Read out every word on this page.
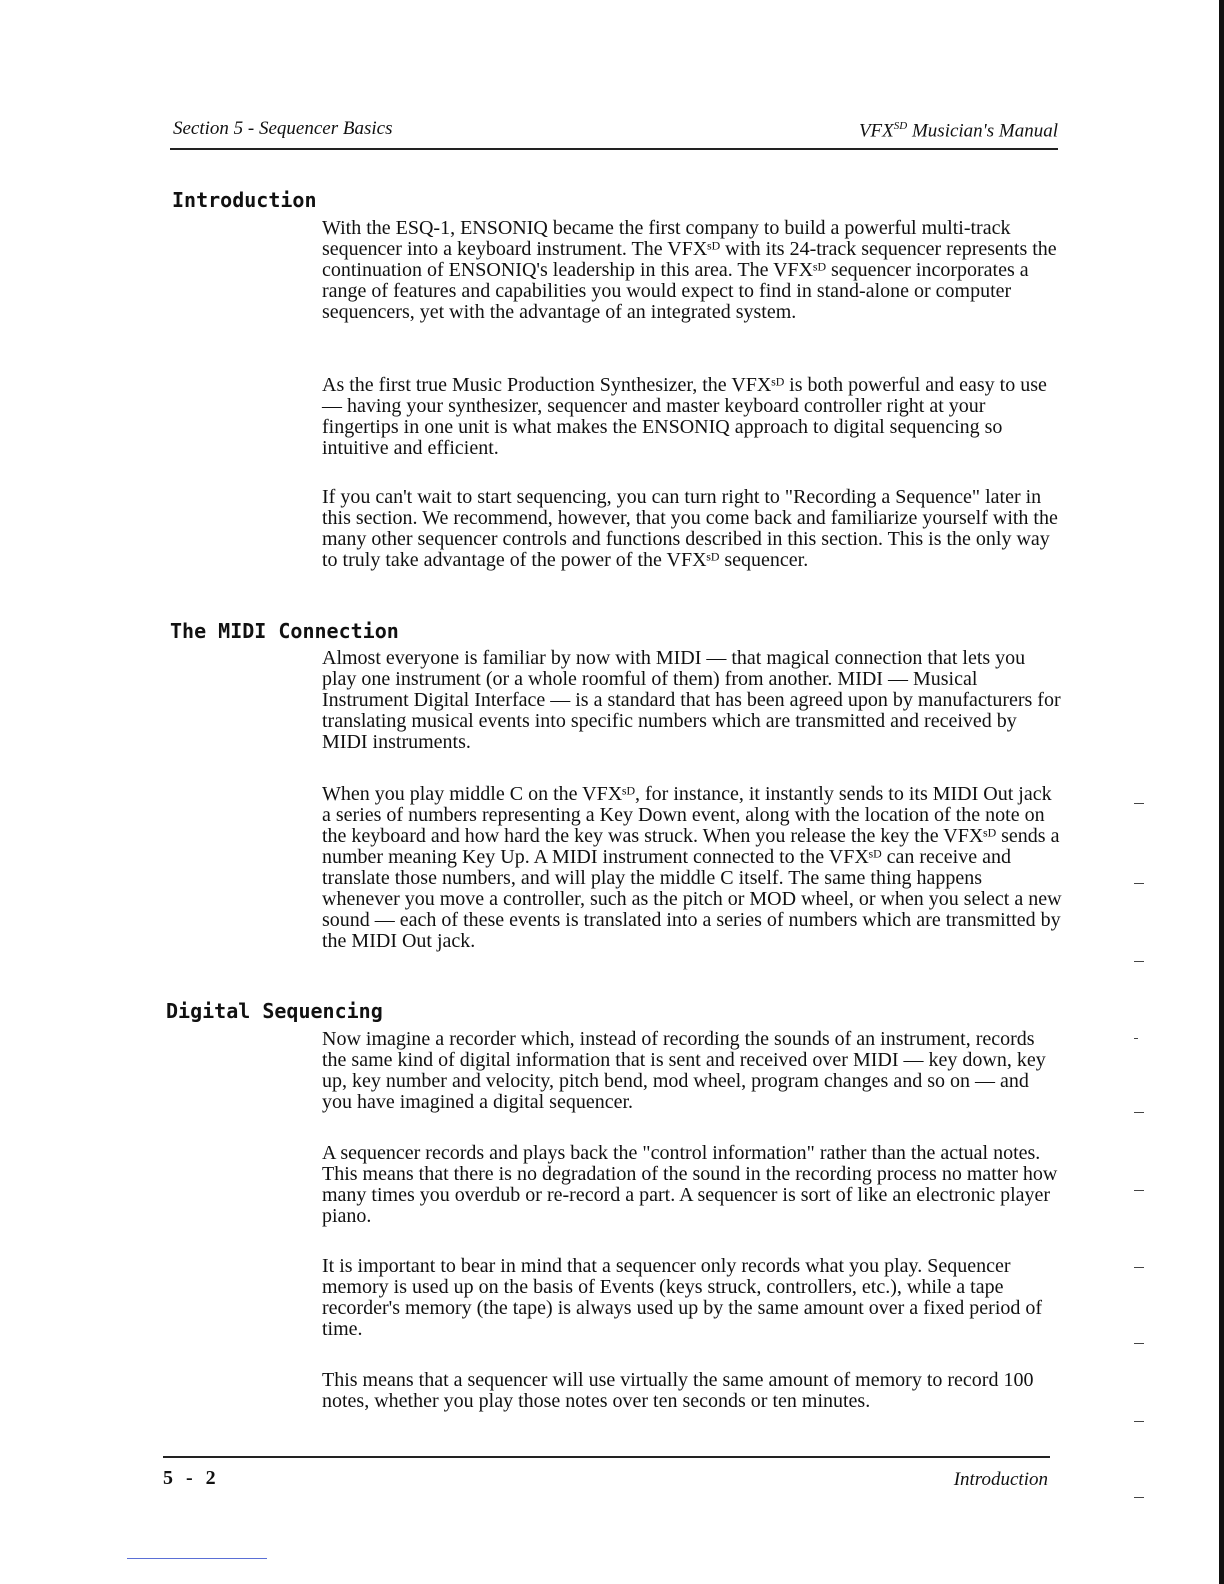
Section 5 - Sequencer Basics	$VFX^{SD}$ Musician's Manual
Introduction

With the ESQ-1, ENSONIQ became the first company to build a powerful multi-track sequencer into a keyboard instrument. The VFXˢᴰ with its 24-track sequencer represents the continuation of ENSONIQ's leadership in this area. The VFXˢᴰ sequencer incorporates a range of features and capabilities you would expect to find in stand-alone or computer sequencers, yet with the advantage of an integrated system.

As the first true Music Production Synthesizer, the VFXˢᴰ is both powerful and easy to use — having your synthesizer, sequencer and master keyboard controller right at your fingertips in one unit is what makes the ENSONIQ approach to digital sequencing so intuitive and efficient.

If you can't wait to start sequencing, you can turn right to "Recording a Sequence" later in this section. We recommend, however, that you come back and familiarize yourself with the many other sequencer controls and functions described in this section. This is the only way to truly take advantage of the power of the VFXˢᴰ sequencer.

The MIDI Connection

Almost everyone is familiar by now with MIDI — that magical connection that lets you play one instrument (or a whole roomful of them) from another. MIDI — Musical Instrument Digital Interface — is a standard that has been agreed upon by manufacturers for translating musical events into specific numbers which are transmitted and received by MIDI instruments.

When you play middle C on the VFXˢᴰ, for instance, it instantly sends to its MIDI Out jack a series of numbers representing a Key Down event, along with the location of the note on the keyboard and how hard the key was struck. When you release the key the VFXˢᴰ sends a number meaning Key Up. A MIDI instrument connected to the VFXˢᴰ can receive and translate those numbers, and will play the middle C itself. The same thing happens whenever you move a controller, such as the pitch or MOD wheel, or when you select a new sound — each of these events is translated into a series of numbers which are transmitted by the MIDI Out jack.

Digital Sequencing

Now imagine a recorder which, instead of recording the sounds of an instrument, records the same kind of digital information that is sent and received over MIDI — key down, key up, key number and velocity, pitch bend, mod wheel, program changes and so on — and you have imagined a digital sequencer.

A sequencer records and plays back the "control information" rather than the actual notes. This means that there is no degradation of the sound in the recording process no matter how many times you overdub or re-record a part. A sequencer is sort of like an electronic player piano.

It is important to bear in mind that a sequencer only records what you play. Sequencer memory is used up on the basis of Events (keys struck, controllers, etc.), while a tape recorder's memory (the tape) is always used up by the same amount over a fixed period of time.

This means that a sequencer will use virtually the same amount of memory to record 100 notes, whether you play those notes over ten seconds or ten minutes.

5 - 2	Introduction
